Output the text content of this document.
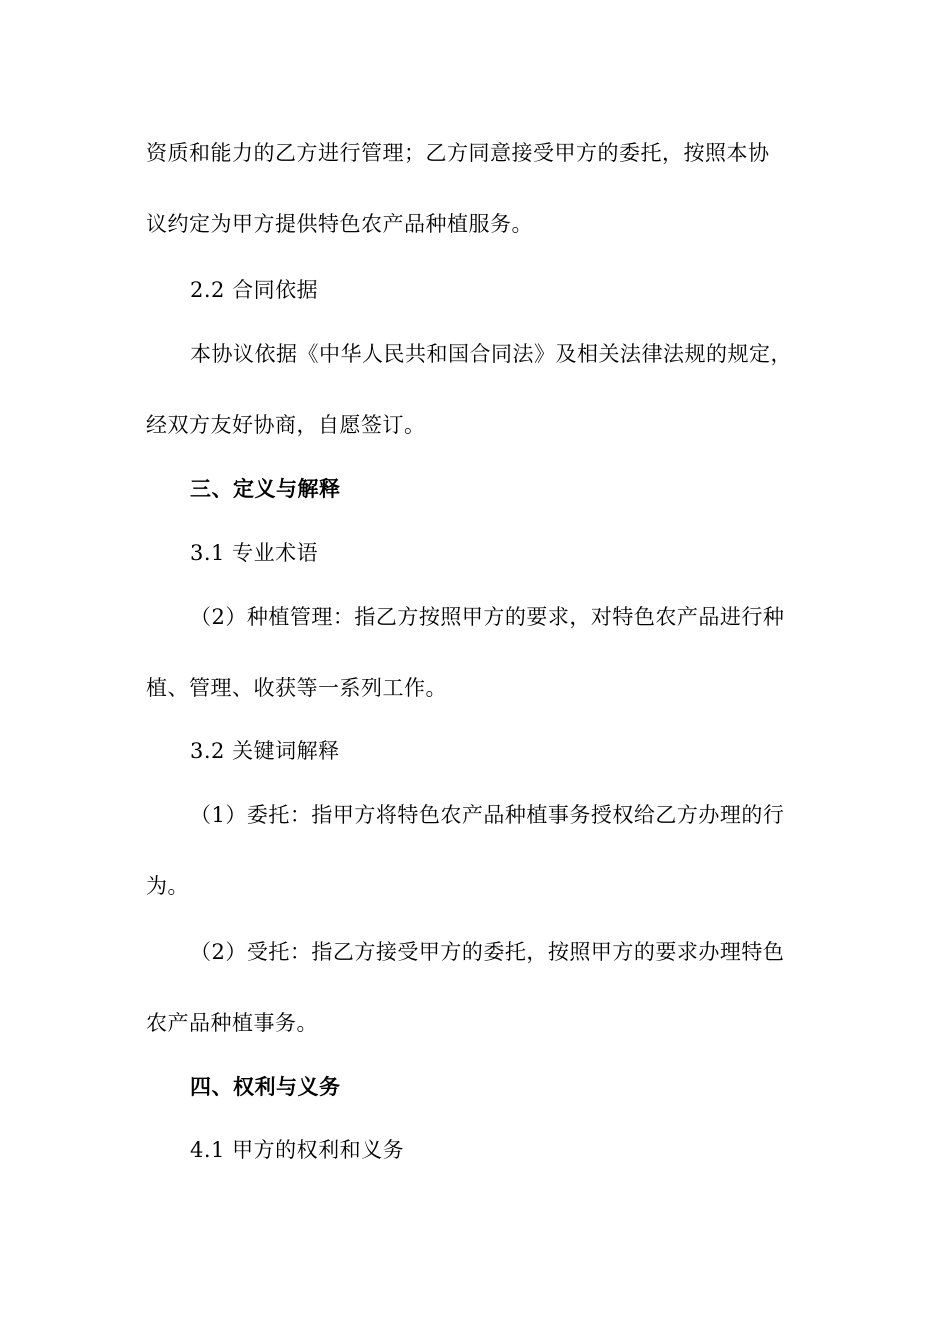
资质和能力的乙方进行管理；乙方同意接受甲方的委托，按照本协
议约定为甲方提供特色农产品种植服务。
2.2 合同依据
本协议依据《中华人民共和国合同法》及相关法律法规的规定，
经双方友好协商，自愿签订。
三、定义与解释
3.1 专业术语
（2）种植管理：指乙方按照甲方的要求，对特色农产品进行种
植、管理、收获等一系列工作。
3.2 关键词解释
（1）委托：指甲方将特色农产品种植事务授权给乙方办理的行
为。
（2）受托：指乙方接受甲方的委托，按照甲方的要求办理特色
农产品种植事务。
四、权利与义务
4.1 甲方的权利和义务
